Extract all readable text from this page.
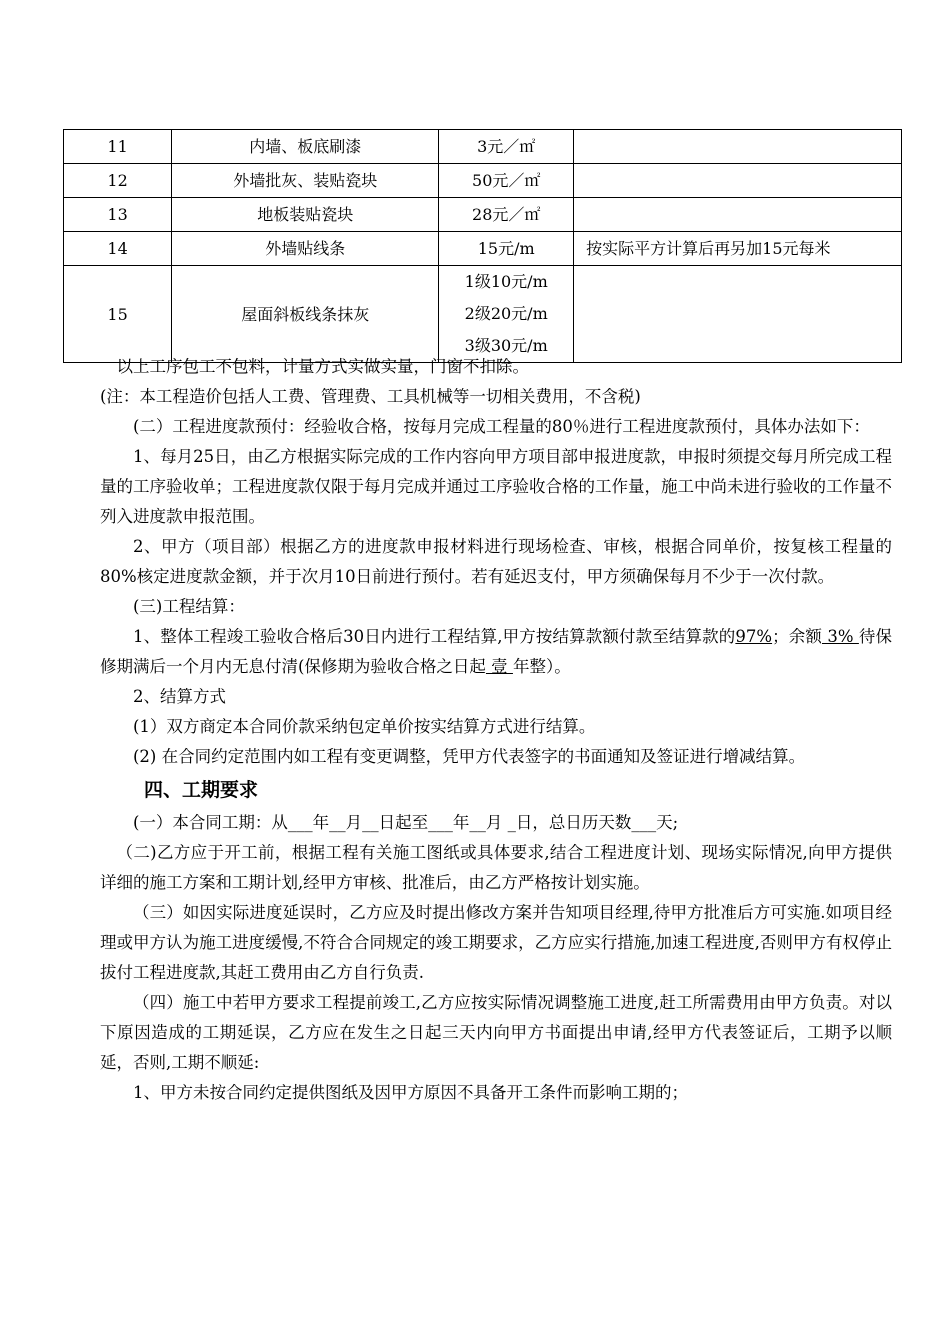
11	内墙、板底刷漆	3元／㎡	
12	外墙批灰、装贴瓷块	50元／㎡	
13	地板装贴瓷块	28元／㎡	
14	外墙贴线条	15元/m	按实际平方计算后再另加15元每米
15	屋面斜板线条抹灰	1级10元/m
2级20元/m
3级30元/m	

以上工序包工不包料，计量方式实做实量，门窗不扣除。

(注：本工程造价包括人工费、管理费、工具机械等一切相关费用，不含税)

(二）工程进度款预付：经验收合格，按每月完成工程量的80％进行工程进度款预付，具体办法如下：

1、每月25日，由乙方根据实际完成的工作内容向甲方项目部申报进度款，申报时须提交每月所完成工程量的工序验收单；工程进度款仅限于每月完成并通过工序验收合格的工作量，施工中尚未进行验收的工作量不列入进度款申报范围。

2、甲方（项目部）根据乙方的进度款申报材料进行现场检查、审核，根据合同单价，按复核工程量的80%核定进度款金额，并于次月10日前进行预付。若有延迟支付，甲方须确保每月不少于一次付款。

(三)工程结算：

1、整体工程竣工验收合格后30日内进行工程结算,甲方按结算款额付款至结算款的97%；余额 3% 待保修期满后一个月内无息付清(保修期为验收合格之日起 壹 年整）。

2、结算方式

(1）双方商定本合同价款采纳包定单价按实结算方式进行结算。

(2) 在合同约定范围内如工程有变更调整，凭甲方代表签字的书面通知及签证进行增减结算。

四、工期要求

(一）本合同工期：从___年__月__日起至___年__月 _日，总日历天数___天;

（二)乙方应于开工前，根据工程有关施工图纸或具体要求,结合工程进度计划、现场实际情况,向甲方提供详细的施工方案和工期计划,经甲方审核、批准后，由乙方严格按计划实施。

（三）如因实际进度延误时，乙方应及时提出修改方案并告知项目经理,待甲方批准后方可实施.如项目经理或甲方认为施工进度缓慢,不符合合同规定的竣工期要求，乙方应实行措施,加速工程进度,否则甲方有权停止拔付工程进度款,其赶工费用由乙方自行负责.

（四）施工中若甲方要求工程提前竣工,乙方应按实际情况调整施工进度,赶工所需费用由甲方负责。对以下原因造成的工期延误，乙方应在发生之日起三天内向甲方书面提出申请,经甲方代表签证后，工期予以顺延，否则,工期不顺延:

1、甲方未按合同约定提供图纸及因甲方原因不具备开工条件而影响工期的；
